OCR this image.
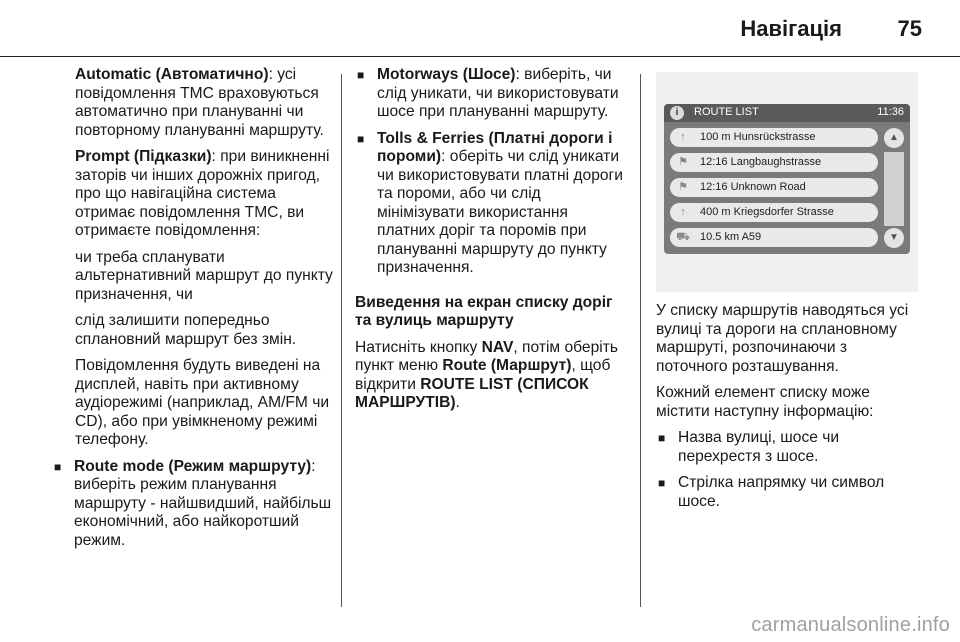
Навігація	75

Automatic (Автоматично): усі повідомлення TMC враховуються автоматично при плануванні чи повторному плануванні маршруту.

Prompt (Підказки): при виникненні заторів чи інших дорожніх пригод, про що навігаційна система отримає повідомлення TMC, ви отримаєте повідомлення:

чи треба спланувати альтернативний маршрут до пункту призначення, чи

слід залишити попередньо сплановний маршрут без змін.

Повідомлення будуть виведені на дисплей, навіть при активному аудіорежимі (наприклад, AM/FM чи CD), або при увімкненому режимі телефону.

■ Route mode (Режим маршруту): виберіть режим планування маршруту - найшвидший, найбільш економічний, або найкоротший режим.
■ Motorways (Шосе): виберіть, чи слід уникати, чи використовувати шосе при плануванні маршруту.
■ Tolls & Ferries (Платні дороги і пороми): оберіть чи слід уникати чи використовувати платні дороги та пороми, або чи слід мінімізувати використання платних доріг та поромів при плануванні маршруту до пункту призначення.

Виведення на екран списку доріг та вулиць маршруту

Натисніть кнопку NAV, потім оберіть пункт меню Route (Маршрут), щоб відкрити ROUTE LIST (СПИСОК МАРШРУТІВ).

i	ROUTE LIST	11:36
↑	100 m Hunsrückstrasse
⚑ 12:16 Langbaughstrasse
⚑ 12:16 Unknown Road
↑	400 m Kriegsdorfer Strasse
⛟ 10.5 km A59
▲
▼

У списку маршрутів наводяться усі вулиці та дороги на сплановному маршруті, розпочинаючи з поточного розташування.

Кожний елемент списку може містити наступну інформацію:

■ Назва вулиці, шосе чи перехрестя з шосе.
■ Стрілка напрямку чи символ шосе.
carmanualsonline.info
